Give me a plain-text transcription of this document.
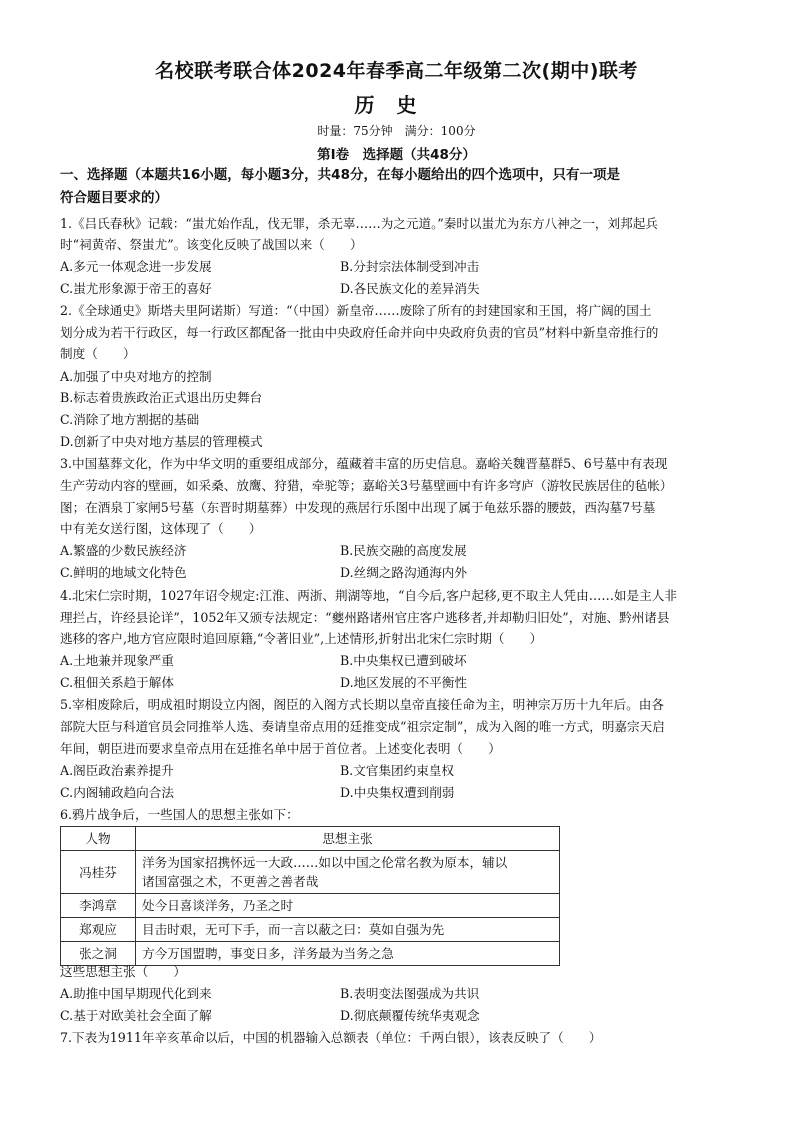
名校联考联合体2024年春季高二年级第二次(期中)联考
历史
时量：75分钟　满分：100分
第Ⅰ卷　选择题（共48分）
一、选择题（本题共16小题，每小题3分，共48分，在每小题给出的四个选项中，只有一项是
符合题目要求的）
1.《吕氏春秋》记载：“蚩尤始作乱，伐无罪，杀无辜……为之元道。”秦时以蚩尤为东方八神之一，刘邦起兵
时“祠黄帝、祭蚩尤”。该变化反映了战国以来（　　）
A.多元一体观念进一步发展	B.分封宗法体制受到冲击
C.蚩尤形象源于帝王的喜好	D.各民族文化的差异消失
2.《全球通史》斯塔夫里阿诺斯）写道：“（中国）新皇帝……废除了所有的封建国家和王国，将广阔的国土
划分成为若干行政区，每一行政区都配备一批由中央政府任命并向中央政府负责的官员”材料中新皇帝推行的
制度（　　）
A.加强了中央对地方的控制
B.标志着贵族政治正式退出历史舞台
C.消除了地方割据的基础
D.创新了中央对地方基层的管理模式
3.中国墓葬文化，作为中华文明的重要组成部分，蕴藏着丰富的历史信息。嘉峪关魏晋墓群5、6号墓中有表现
生产劳动内容的壁画，如采桑、放鹰、狩猎，牵驼等；嘉峪关3号墓壁画中有许多穹庐（游牧民族居住的毡帐）
图；在酒泉丁家闸5号墓（东晋时期墓葬）中发现的燕居行乐图中出现了属于龟兹乐器的腰鼓，西沟墓7号墓
中有羌女送行图，这体现了（　　）
A.繁盛的少数民族经济	B.民族交融的高度发展
C.鲜明的地域文化特色	D.丝绸之路沟通海内外
4.北宋仁宗时期，1027年诏令规定:江淮、两浙、荆湖等地，“自今后,客户起移,更不取主人凭由……如是主人非
理拦占，许经县论详”，1052年又颁专法规定：“夔州路诸州官庄客户逃移者,并却勒归旧处”，对施、黔州诸县
逃移的客户,地方官应限时追回原籍,“令著旧业”,上述情形,折射出北宋仁宗时期（　　）
A.土地兼并现象严重	B.中央集权已遭到破坏
C.租佃关系趋于解体	D.地区发展的不平衡性
5.宰相废除后，明成祖时期设立内阁，阁臣的入阁方式长期以皇帝直接任命为主，明神宗万历十九年后。由各
部院大臣与科道官员会同推举人选、奏请皇帝点用的廷推变成“祖宗定制”，成为入阁的唯一方式，明嘉宗天启
年间，朝臣进而要求皇帝点用在廷推名单中居于首位者。上述变化表明（　　）
A.阁臣政治素养提升	B.文官集团约束皇权
C.内阁辅政趋向合法	D.中央集权遭到削弱
6.鸦片战争后，一些国人的思想主张如下：
人物	思想主张
冯桂芬	洋务为国家招携怀远一大政……如以中国之伦常名教为原本，辅以
诸国富强之术，不更善之善者哉

李鸿章	处今日喜谈洋务，乃圣之时
郑观应	目击时艰，无可下手，而一言以蔽之曰：莫如自强为先
张之洞	方今万国盟聘，事变日多，洋务最为当务之急
这些思想主张（　　）
A.助推中国早期现代化到来	B.表明变法图强成为共识
C.基于对欧美社会全面了解	D.彻底颠覆传统华夷观念
7.下表为1911年辛亥革命以后，中国的机器输入总额表（单位：千两白银），该表反映了（　　）
